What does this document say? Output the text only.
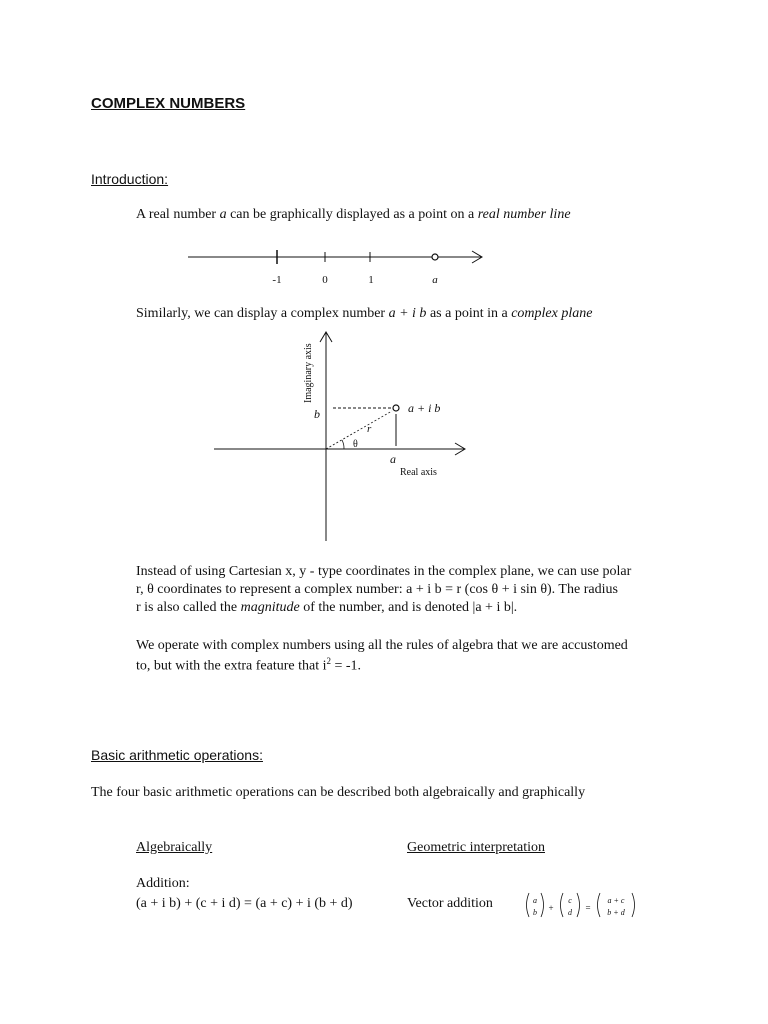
COMPLEX NUMBERS
Introduction:
A real number a can be graphically displayed as a point on a real number line
-1	0	1	a
Similarly, we can display a complex number a + i b as a point in a complex plane
Imaginary axis
Real axis
b
a
r
θ
a + i b
Instead of using Cartesian x, y - type coordinates in the complex plane, we can use polar
r, θ coordinates to represent a complex number: a + i b = r (cos θ + i sin θ). The radius
r is also called the magnitude of the number, and is denoted |a + i b|.
We operate with complex numbers using all the rules of algebra that we are accustomed
to, but with the extra feature that $i^2 = -1$.
Basic arithmetic operations:
The four basic arithmetic operations can be described both algebraically and graphically
Algebraically	Geometric interpretation
Addition:
(a + i b) + (c + i d) = (a + c) + i (b + d)	Vector addition	a
b +
c
d =
a + c
b + d
